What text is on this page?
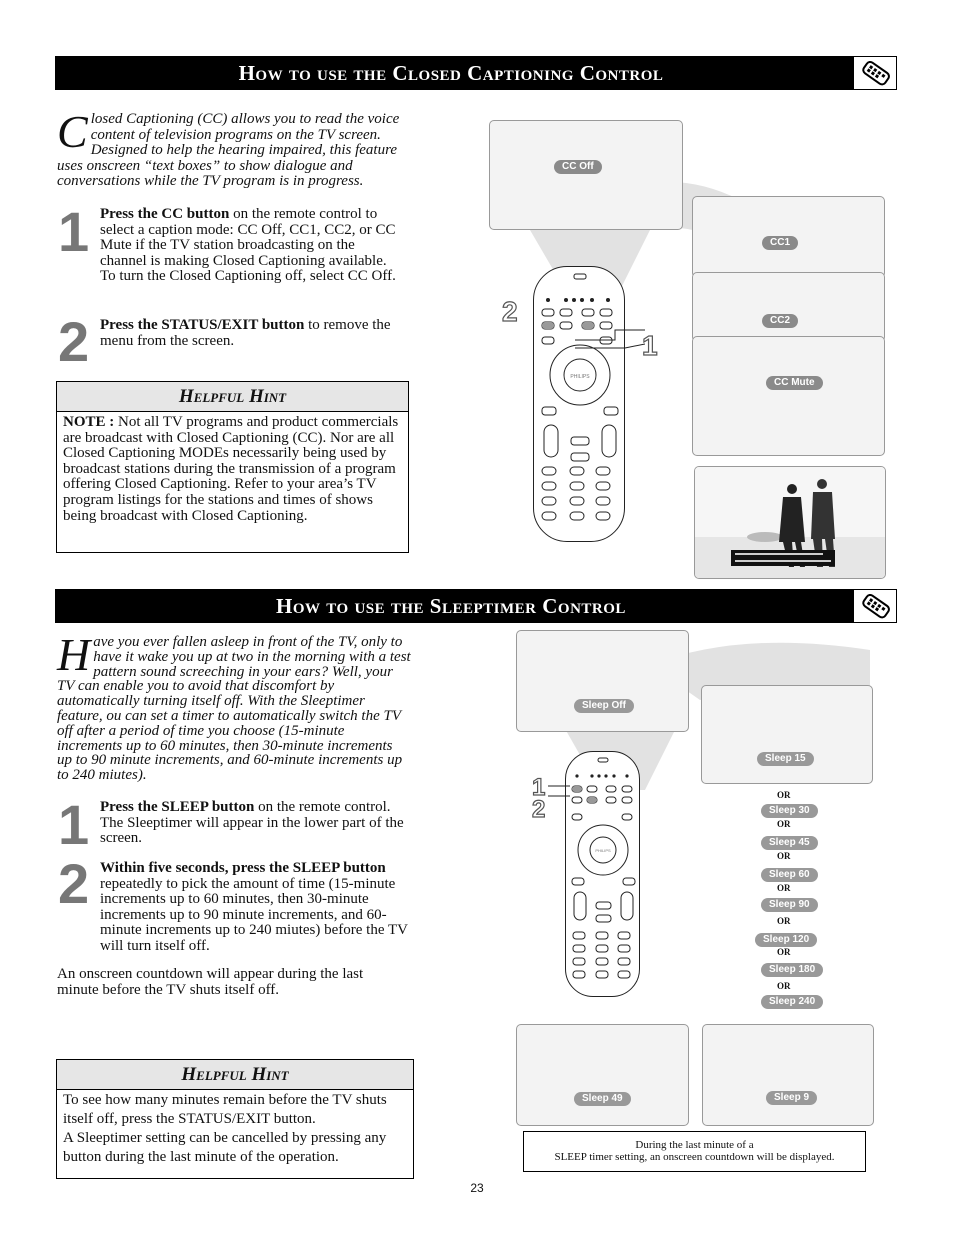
How to use the Closed Captioning Control
Closed Captioning (CC) allows you to read the voice content of television programs on the TV screen. Designed to help the hearing impaired, this feature uses onscreen “text boxes” to show dialogue and conversations while the TV program is in progress.
1 Press the CC button on the remote control to select a caption mode: CC Off, CC1, CC2, or CC Mute if the TV station broadcasting on the channel is making Closed Captioning available. To turn the Closed Captioning off, select CC Off.
2 Press the STATUS/EXIT button to remove the menu from the screen.
Helpful Hint
NOTE : Not all TV programs and product commercials are broadcast with Closed Captioning (CC). Nor are all Closed Captioning MODEs necessarily being used by broadcast stations during the transmission of a program offering Closed Captioning. Refer to your area’s TV program listings for the stations and times of shows being broadcast with Closed Captioning.
CC Off
CC1
CC2
CC Mute
PHILIPS
2
1
How to use the Sleeptimer Control
Have you ever fallen asleep in front of the TV, only to have it wake you up at two in the morning with a test pattern sound screeching in your ears? Well, your TV can enable you to avoid that discomfort by automatically turning itself off. With the Sleeptimer feature, ou can set a timer to automatically switch the TV off after a period of time you choose (15-minute increments up to 60 minutes, then 30-minute increments up to 90 minute increments, and 60-minute increments up to 240 miutes).
1 Press the SLEEP button on the remote control. The Sleeptimer will appear in the lower part of the screen.
2 Within five seconds, press the SLEEP button repeatedly to pick the amount of time (15-minute increments up to 60 minutes, then 30-minute increments up to 90 minute increments, and 60-minute increments up to 240 miutes) before the TV will turn itself off.
An onscreen countdown will appear during the last minute before the TV shuts itself off.
Helpful Hint
To see how many minutes remain before the TV shuts itself off, press the STATUS/EXIT button.
A Sleeptimer setting can be cancelled by pressing any button during the last minute of the operation.
Sleep Off
Sleep 15
OR
Sleep 30
OR
Sleep 45
OR
Sleep 60
OR
Sleep 90
OR
Sleep 120
OR
Sleep 180
OR
Sleep 240
PHILIPS
1
2
Sleep 49	Sleep 9
During the last minute of a
SLEEP timer setting, an onscreen countdown will be displayed.
23
